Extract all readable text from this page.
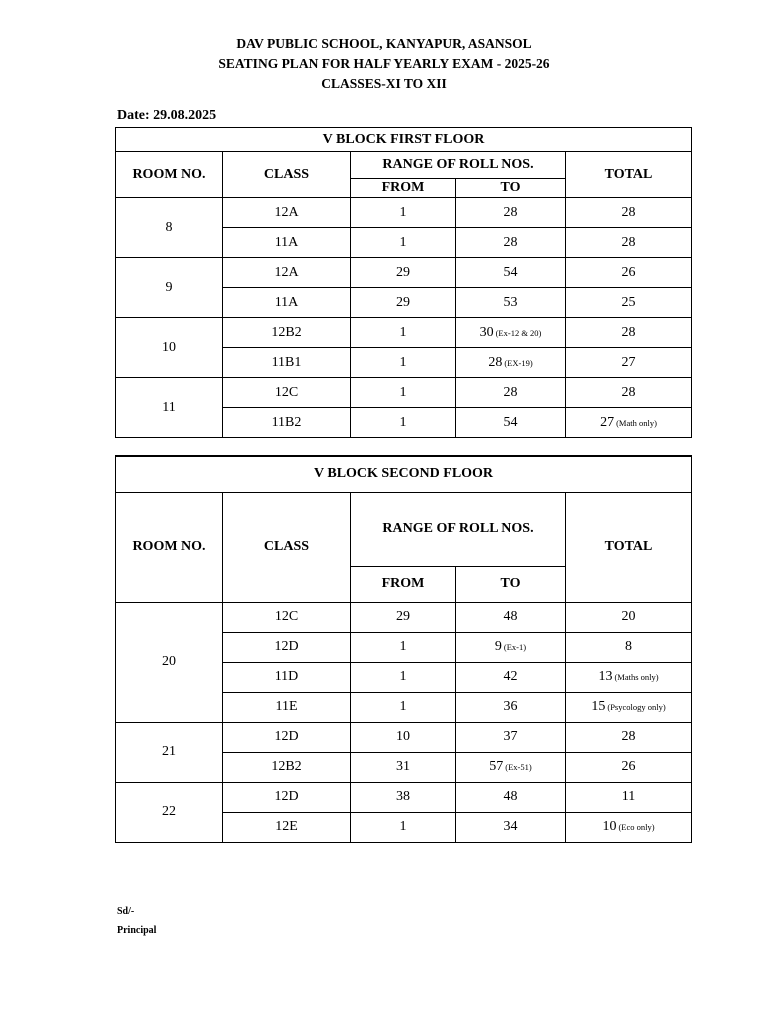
DAV PUBLIC SCHOOL, KANYAPUR, ASANSOL
SEATING PLAN FOR HALF YEARLY EXAM - 2025-26
CLASSES-XI TO XII
Date: 29.08.2025
V BLOCK FIRST FLOOR				
ROOM NO.	CLASS	RANGE OF ROLL NOS.		TOTAL
		FROM	TO	
8	12A	1	28	28
	11A	1	28	28
9	12A	29	54	26
	11A	29	53	25
10	12B2	1	30 (Ex-12 & 20)	28
	11B1	1	28 (EX-19)	27
11	12C	1	28	28
	11B2	1	54	27 (Math only)
V BLOCK SECOND FLOOR				
ROOM NO.	CLASS	RANGE OF ROLL NOS.		TOTAL
		FROM	TO	
20	12C	29	48	20
	12D	1	9 (Ex-1)	8
	11D	1	42	13 (Maths only)
	11E	1	36	15 (Psycology only)
21	12D	10	37	28
	12B2	31	57 (Ex-51)	26
22	12D	38	48	11
	12E	1	34	10 (Eco only)
Sd/-
Principal
